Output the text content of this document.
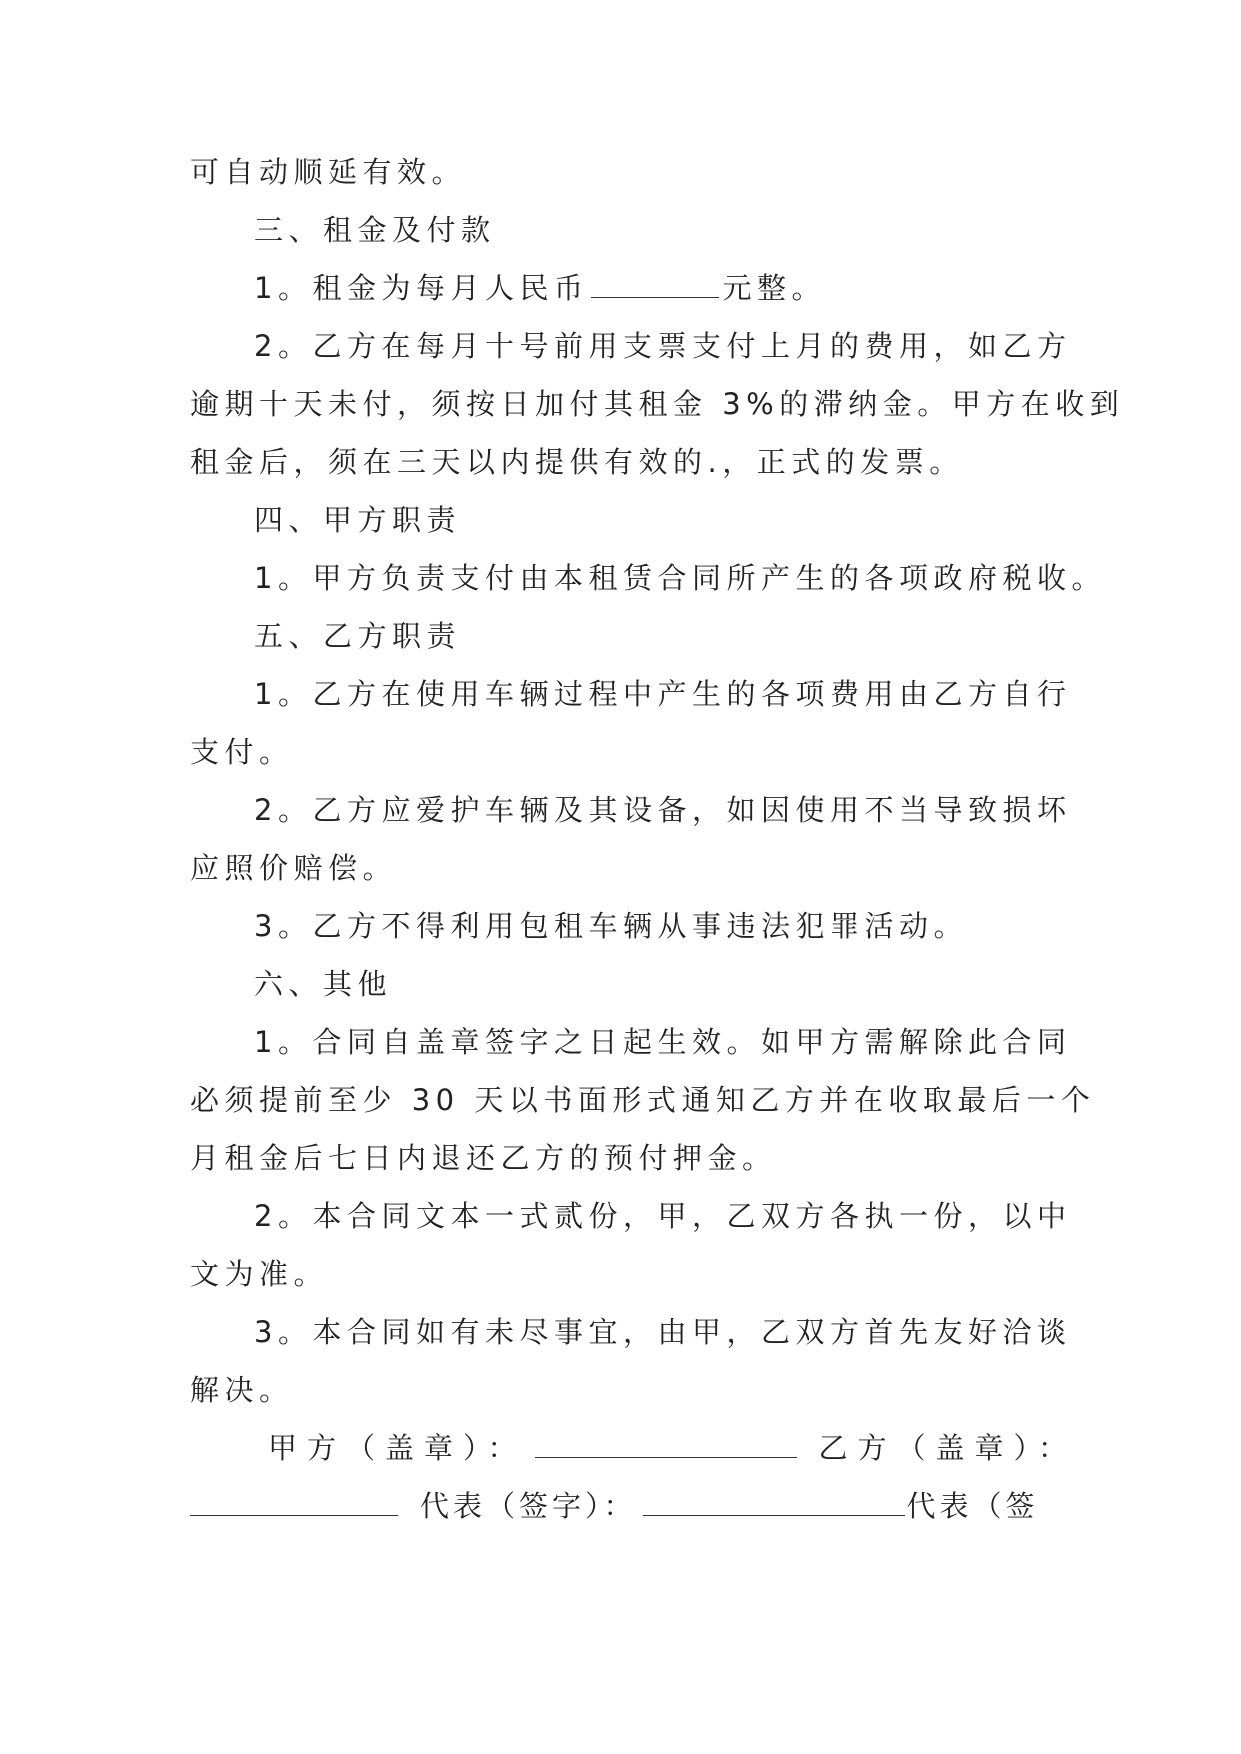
可自动顺延有效。
三、租金及付款
1。租金为每月人民币	元整。
2。乙方在每月十号前用支票支付上月的费用，如乙方
逾期十天未付，须按日加付其租金 3%的滞纳金。甲方在收到
租金后，须在三天以内提供有效的.，正式的发票。
四、甲方职责
1。甲方负责支付由本租赁合同所产生的各项政府税收。
五、乙方职责
1。乙方在使用车辆过程中产生的各项费用由乙方自行
支付。
2。乙方应爱护车辆及其设备，如因使用不当导致损坏
应照价赔偿。
3。乙方不得利用包租车辆从事违法犯罪活动。
六、其他
1。合同自盖章签字之日起生效。如甲方需解除此合同
必须提前至少 30 天以书面形式通知乙方并在收取最后一个
月租金后七日内退还乙方的预付押金。
2。本合同文本一式贰份，甲，乙双方各执一份，以中
文为准。
3。本合同如有未尽事宜，由甲，乙双方首先友好洽谈
解决。
甲方（盖章）：	乙方（盖章）：
代表（签字）：	代表（签
